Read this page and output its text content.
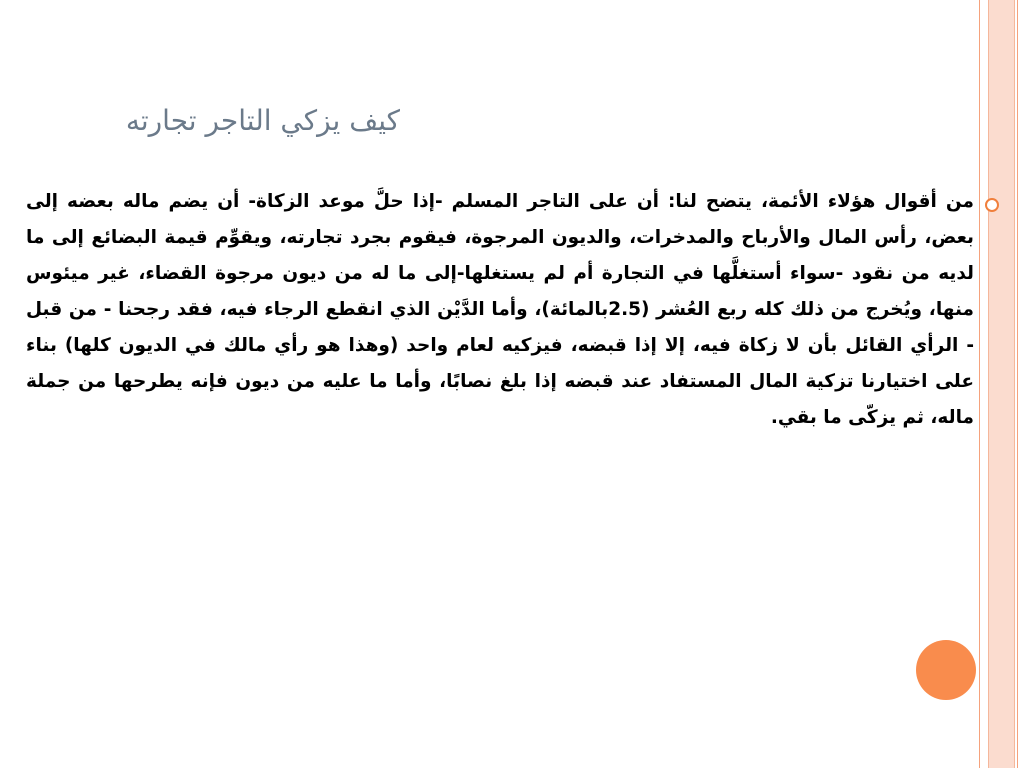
كيف يزكي التاجر تجارته
من أقوال هؤلاء الأئمة، يتضح لنا: أن على التاجر المسلم -إذا حلَّ موعد الزكاة- أن يضم ماله بعضه إلى بعض، رأس المال والأرباح والمدخرات، والديون المرجوة، فيقوم بجرد تجارته، ويقوِّم قيمة البضائع إلى ما لديه من نقود -سواء أستغلَّها في التجارة أم لم يستغلها-إلى ما له من ديون مرجوة القضاء، غير ميئوس منها، ويُخرج من ذلك كله ربع العُشر (2.5بالمائة)، وأما الدَّيْن الذي انقطع الرجاء فيه، فقد رجحنا - من قبل - الرأي القائل بأن لا زكاة فيه، إلا إذا قبضه، فيزكيه لعام واحد (وهذا هو رأي مالك في الديون كلها) بناء على اختيارنا تزكية المال المستفاد عند قبضه إذا بلغ نصابًا، وأما ما عليه من ديون فإنه يطرحها من جملة ماله، ثم يزكّى ما بقي.
